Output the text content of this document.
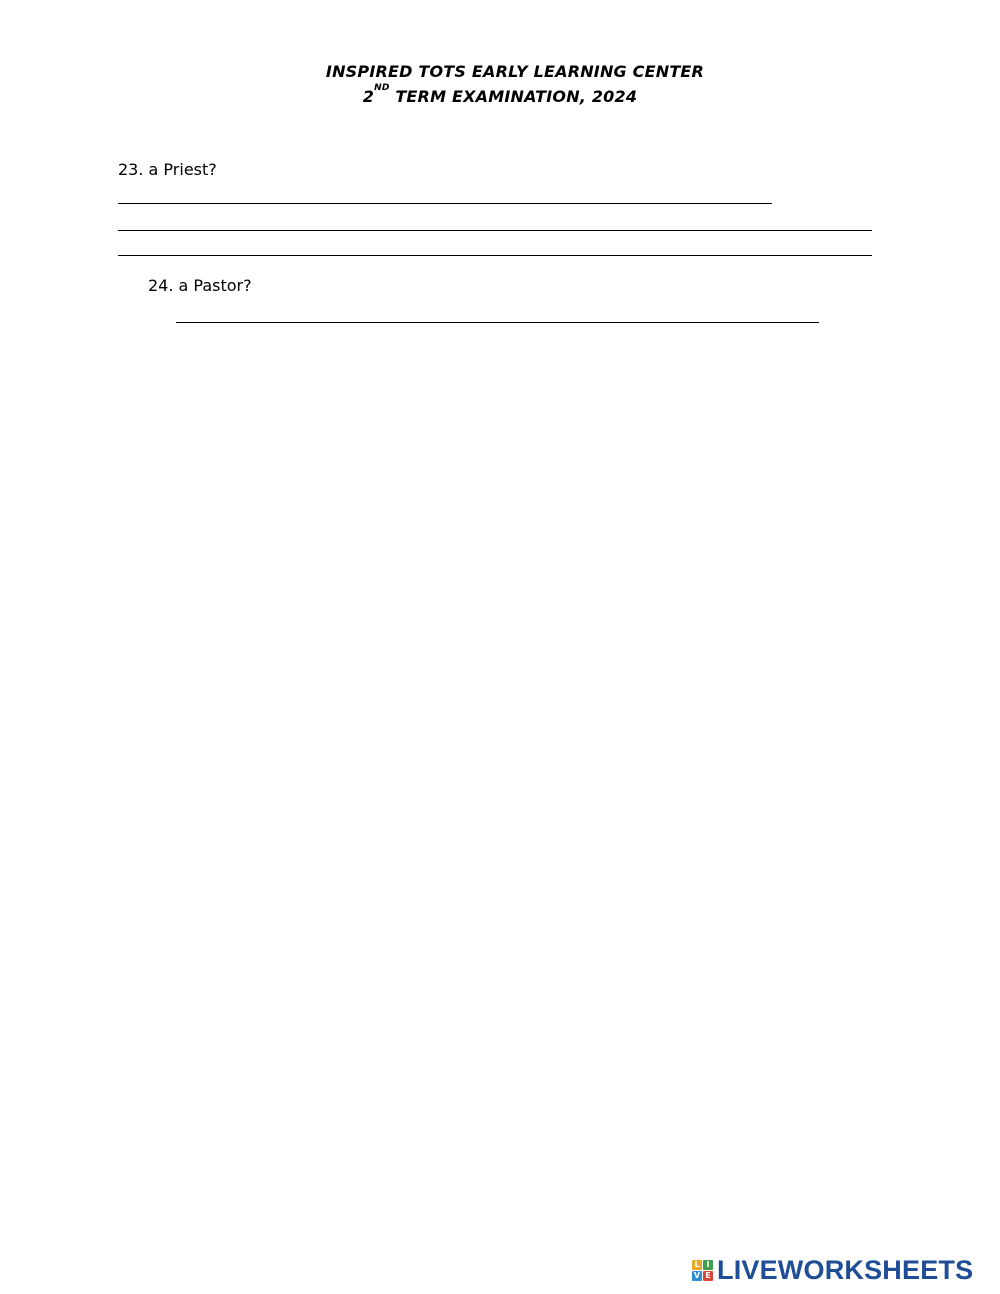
INSPIRED TOTS EARLY LEARNING CENTER
2ND TERM EXAMINATION, 2024
23. a Priest?
24. a Pastor?
L I
V E LIVEWORKSHEETS
